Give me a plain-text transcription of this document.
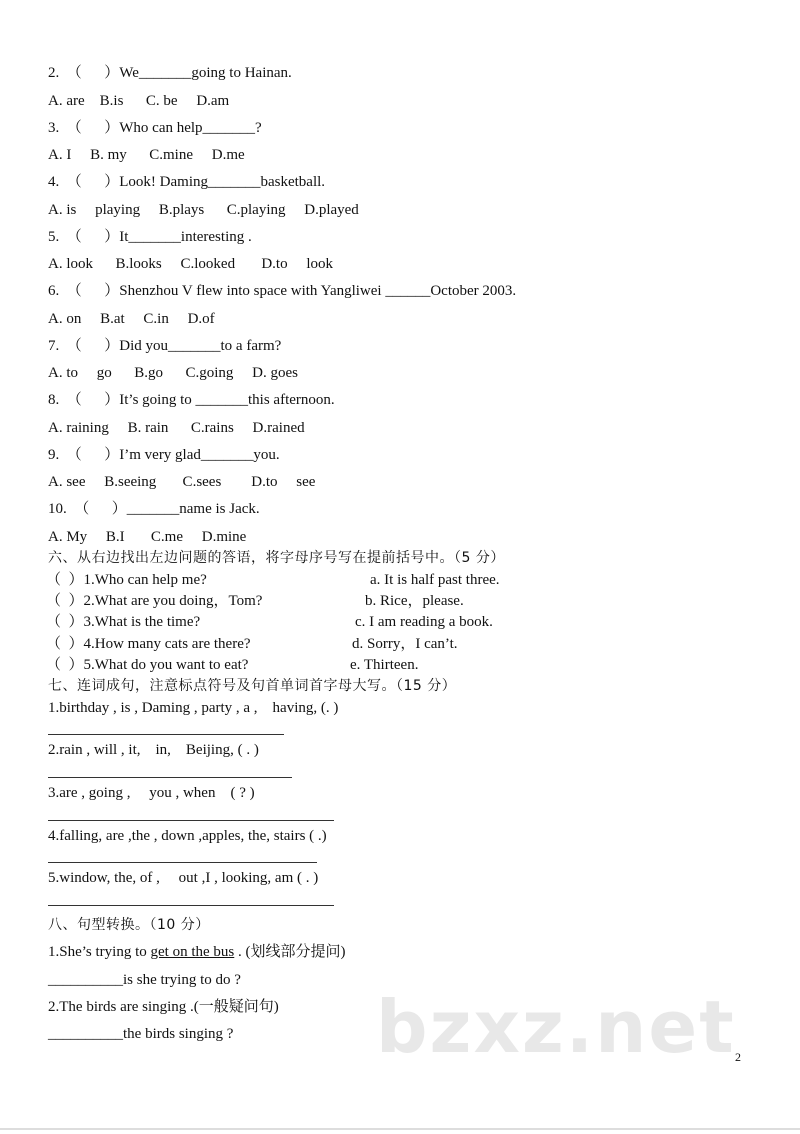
2.  （      ）We_______going to Hainan.
A. are    B.is      C. be     D.am
3.  （      ）Who can help_______?
A. I     B. my      C.mine     D.me
4.  （      ）Look! Daming_______basketball.
A. is     playing     B.plays      C.playing     D.played
5.  （      ）It_______interesting .
A. look      B.looks     C.looked       D.to     look
6.  （      ）Shenzhou V flew into space with Yangliwei ______October 2003.
A. on     B.at     C.in     D.of
7.  （      ）Did you_______to a farm?
A. to     go      B.go      C.going     D. goes
8.  （      ）It’s going to _______this afternoon.
A. raining     B. rain      C.rains     D.rained
9.  （      ）I’m very glad_______you.
A. see     B.seeing       C.sees        D.to     see
10.  （      ）_______name is Jack.
A. My     B.I       C.me     D.mine
六、从右边找出左边问题的答语，将字母序号写在提前括号中。（5 分）
（  ）1.Who can help me?
（  ）2.What are you doing，Tom?
（  ）3.What is the time?
（  ）4.How many cats are there?
（  ）5.What do you want to eat?
a. It is half past three.
b. Rice，please.
c. I am reading a book.
d. Sorry，I can’t.
e. Thirteen.
七、连词成句，注意标点符号及句首单词首字母大写。（15 分）
1.birthday , is , Daming , party , a ,    having, (. )
2.rain , will , it,    in,    Beijing, ( . )
3.are , going ,     you , when    ( ? )
4.falling, are ,the , down ,apples, the, stairs ( .)
5.window, the, of ,     out ,I , looking, am ( . )
八、句型转换。（10 分）
1.She’s trying to get on the bus . (划线部分提问)
__________is she trying to do ?
2.The birds are singing .(一般疑问句)
__________the birds singing ? bzxz.net 2
